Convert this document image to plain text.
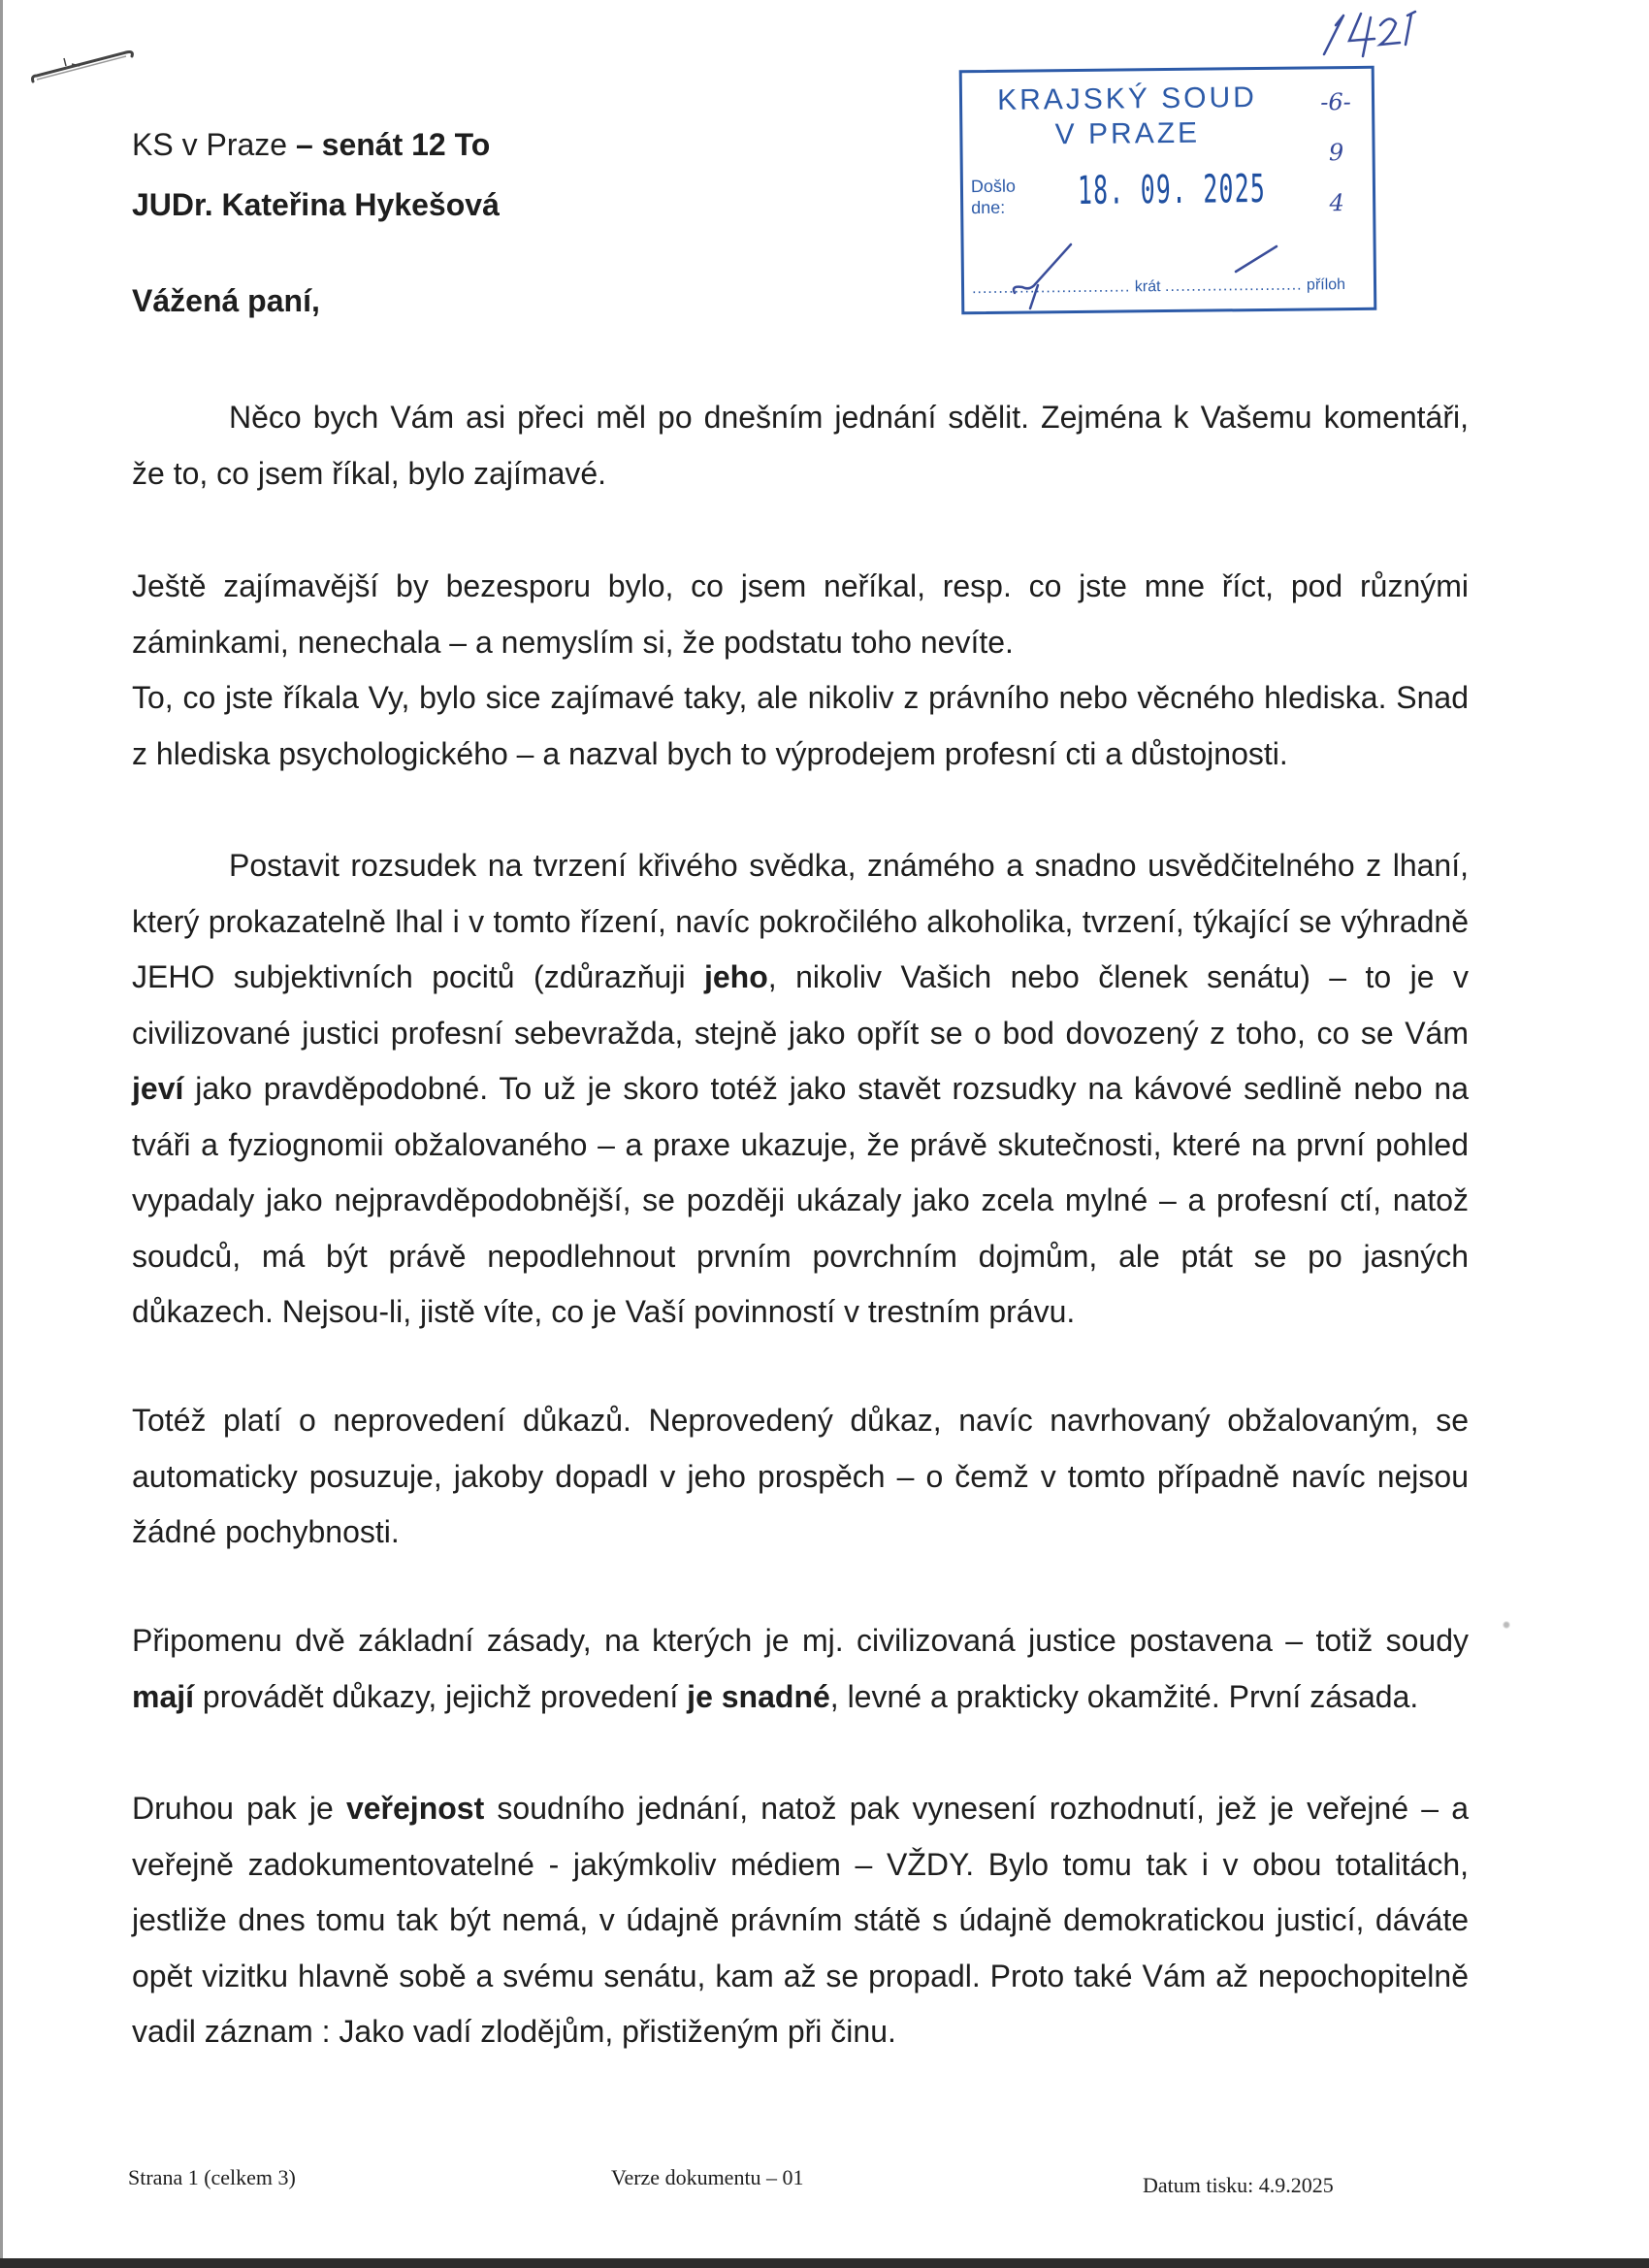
KS v Praze
– senát 12 To
JUDr. Kateřina Hykešová
Vážená paní,
KRAJSKÝ SOUD
V PRAZE
Došlo
dne: 18. 09. 2025
.............................. krát .......................... příloh
-6- 9 4

Něco bych Vám asi přeci měl po dnešním jednání sdělit. Zejména k Vašemu komentáři, že to, co jsem říkal, bylo zajímavé.

Ještě zajímavější by bezesporu bylo, co jsem neříkal, resp. co jste mne říct, pod různými záminkami, nenechala – a nemyslím si, že podstatu toho nevíte.

To, co jste říkala Vy, bylo sice zajímavé taky, ale nikoliv z právního nebo věcného hlediska. Snad z hlediska psychologického – a nazval bych to výprodejem profesní cti a důstojnosti.

Postavit rozsudek na tvrzení křivého svědka, známého a snadno usvědčitelného z lhaní, který prokazatelně lhal i v tomto řízení, navíc pokročilého alkoholika, tvrzení, týkající se výhradně JEHO subjektivních pocitů (zdůrazňuji jeho, nikoliv Vašich nebo členek senátu) – to je v civilizované justici profesní sebevražda, stejně jako opřít se o bod dovozený z toho, co se Vám jeví jako pravděpodobné. To už je skoro totéž jako stavět rozsudky na kávové sedlině nebo na tváři a fyziognomii obžalovaného – a praxe ukazuje, že právě skutečnosti, které na první pohled vypadaly jako nejpravděpodobnější, se později ukázaly jako zcela mylné – a profesní ctí, natož soudců, má být právě nepodlehnout prvním povrchním dojmům, ale ptát se po jasných důkazech. Nejsou-li, jistě víte, co je Vaší povinností v trestním právu.

Totéž platí o neprovedení důkazů. Neprovedený důkaz, navíc navrhovaný obžalovaným, se automaticky posuzuje, jakoby dopadl v jeho prospěch – o čemž v tomto případně navíc nejsou žádné pochybnosti.

Připomenu dvě základní zásady, na kterých je mj. civilizovaná justice postavena – totiž soudy mají provádět důkazy, jejichž provedení je snadné, levné a prakticky okamžité. První zásada.

Druhou pak je veřejnost soudního jednání, natož pak vynesení rozhodnutí, jež je veřejné – a veřejně zadokumentovatelné - jakýmkoliv médiem – VŽDY. Bylo tomu tak i v obou totalitách, jestliže dnes tomu tak být nemá, v údajně právním státě s údajně demokratickou justicí, dáváte opět vizitku hlavně sobě a svému senátu, kam až se propadl. Proto také Vám až nepochopitelně vadil záznam : Jako vadí zlodějům, přistiženým při činu.

Strana 1 (celkem 3)	Verze dokumentu – 01	Datum tisku: 4.9.2025
